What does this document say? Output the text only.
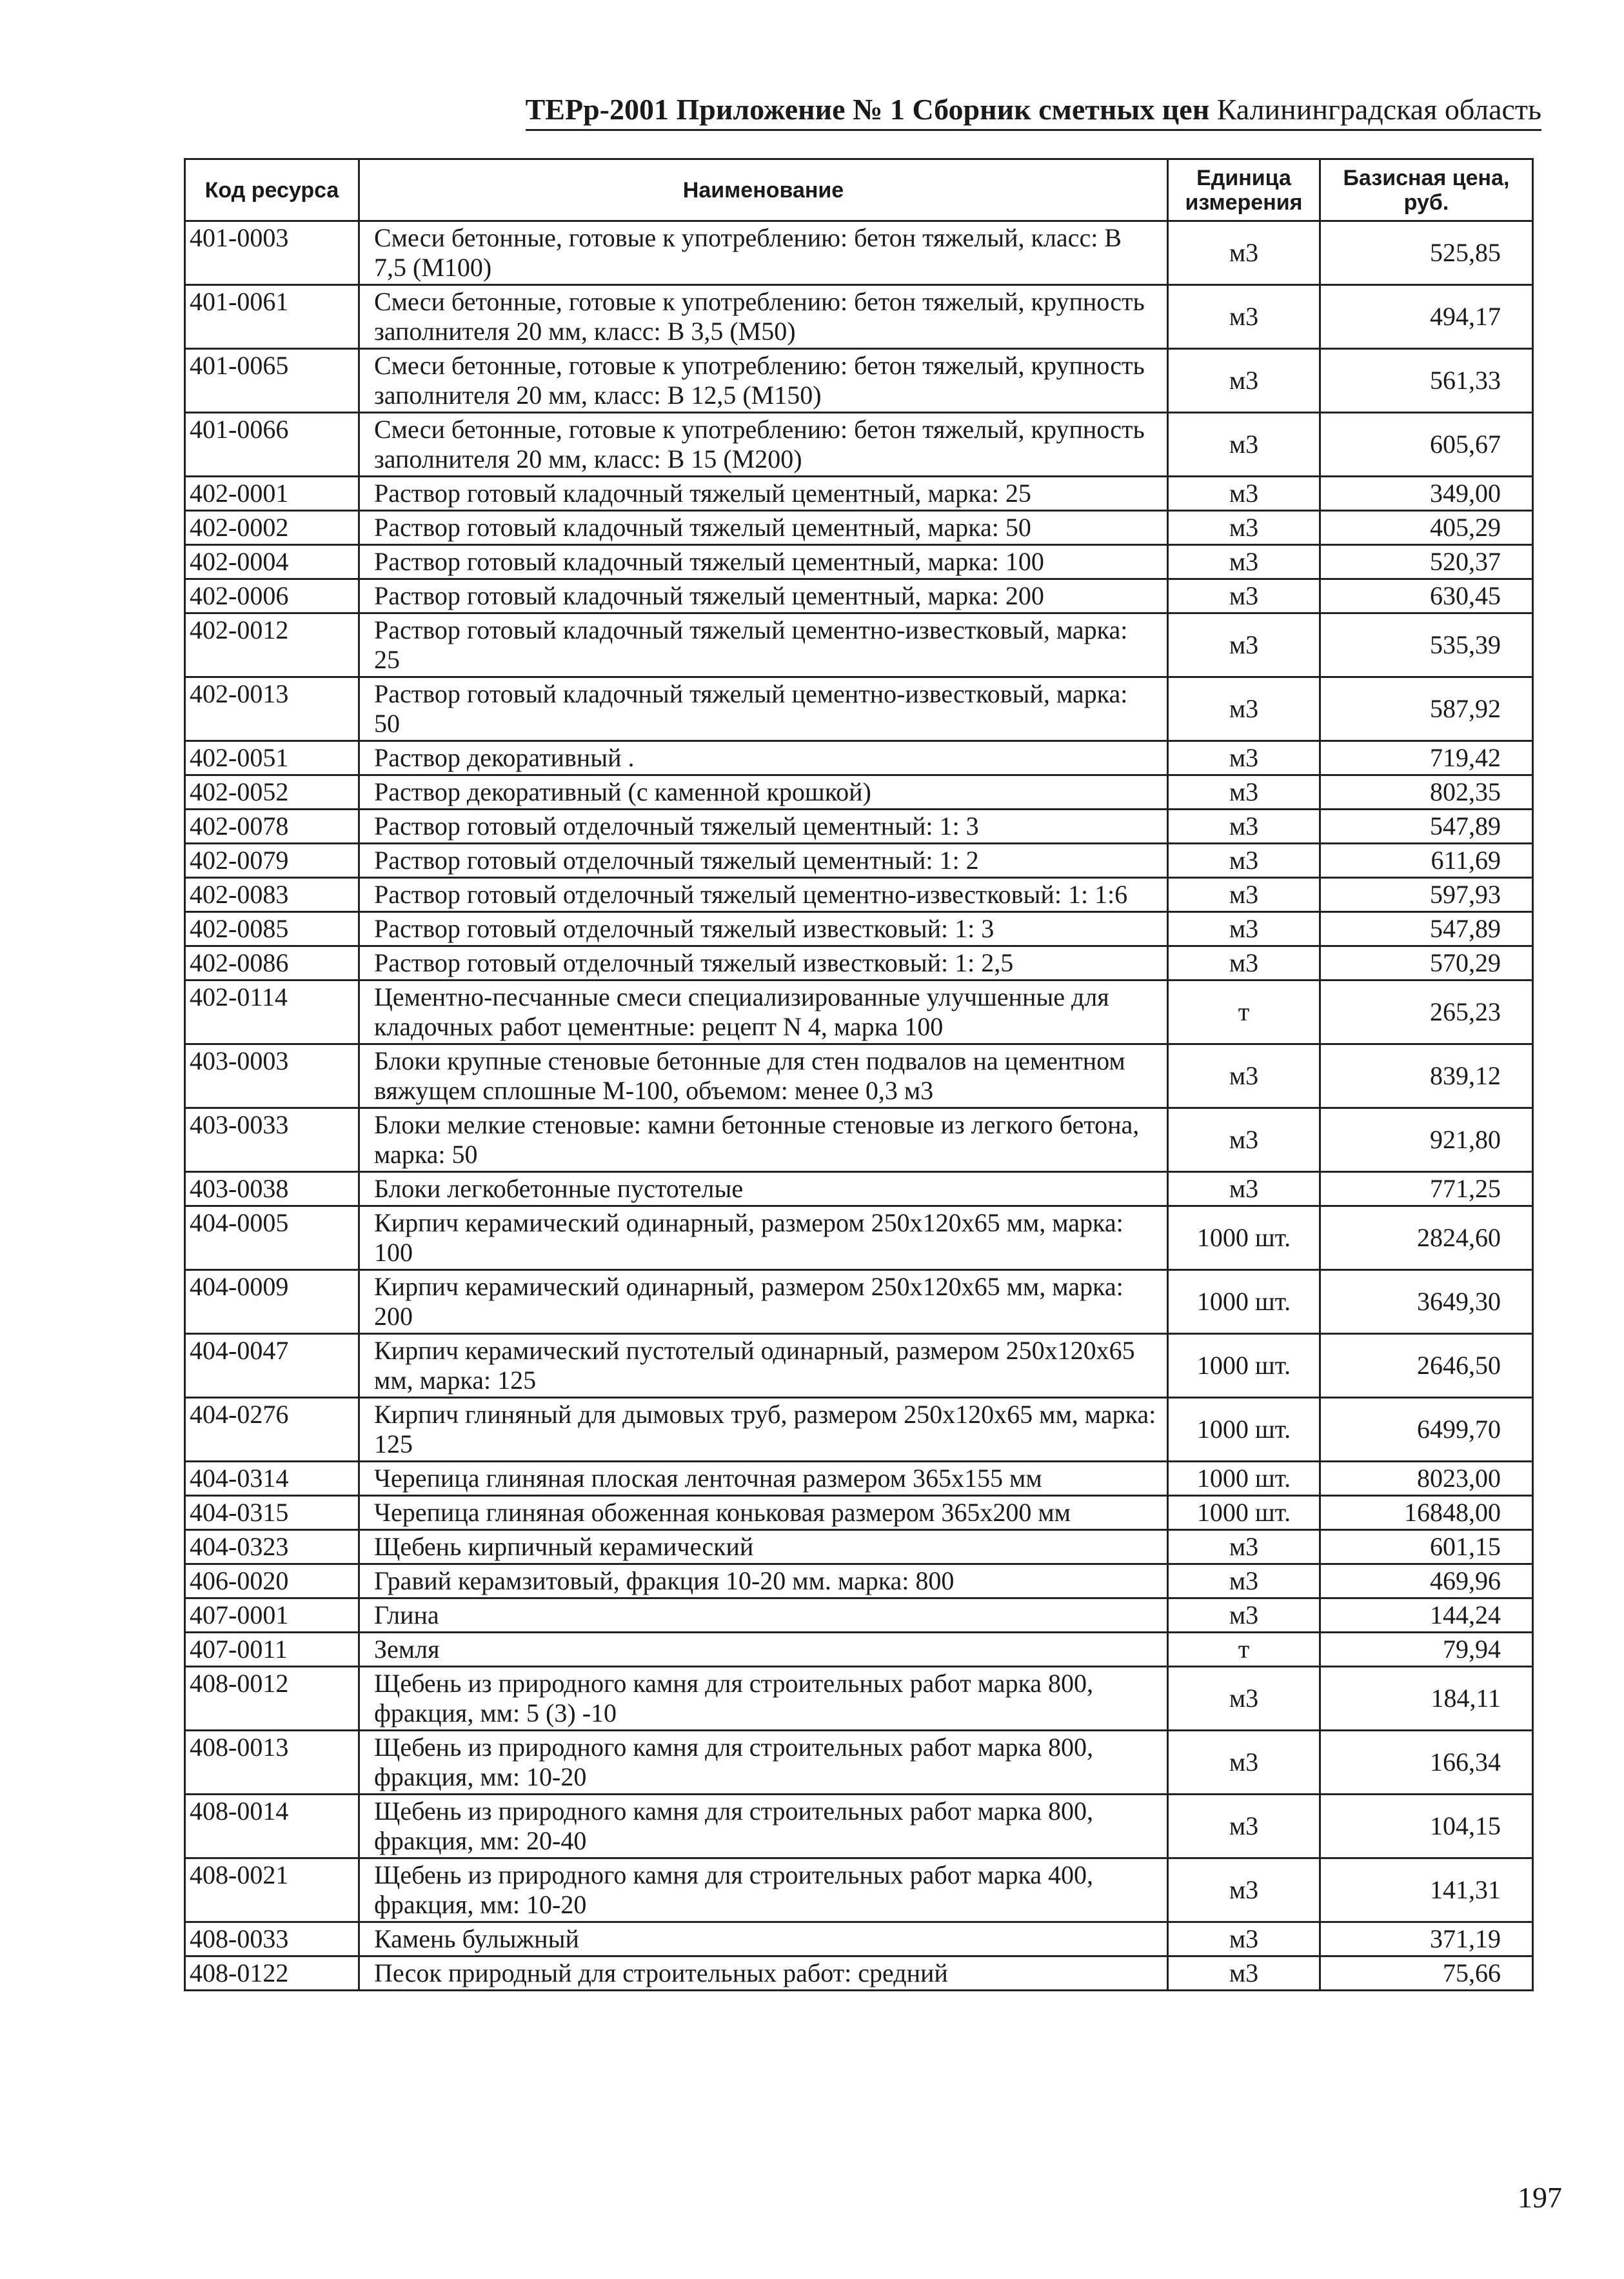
ТЕРр-2001 Приложение № 1 Сборник сметных цен Калининградская область
Код ресурса	Наименование	Единица измерения	Базисная цена, руб.
401-0003	Смеси бетонные, готовые к употреблению: бетон тяжелый, класс: В 7,5 (М100)	м3	525,85
401-0061	Смеси бетонные, готовые к употреблению: бетон тяжелый, крупность заполнителя 20 мм, класс: В 3,5 (М50)	м3	494,17
401-0065	Смеси бетонные, готовые к употреблению: бетон тяжелый, крупность заполнителя 20 мм, класс: В 12,5 (М150)	м3	561,33
401-0066	Смеси бетонные, готовые к употреблению: бетон тяжелый, крупность заполнителя 20 мм, класс: В 15 (М200)	м3	605,67
402-0001	Раствор готовый кладочный тяжелый цементный, марка: 25	м3	349,00
402-0002	Раствор готовый кладочный тяжелый цементный, марка: 50	м3	405,29
402-0004	Раствор готовый кладочный тяжелый цементный, марка: 100	м3	520,37
402-0006	Раствор готовый кладочный тяжелый цементный, марка: 200	м3	630,45
402-0012	Раствор готовый кладочный тяжелый цементно-известковый, марка: 25	м3	535,39
402-0013	Раствор готовый кладочный тяжелый цементно-известковый, марка: 50	м3	587,92
402-0051	Раствор декоративный .	м3	719,42
402-0052	Раствор декоративный (с каменной крошкой)	м3	802,35
402-0078	Раствор готовый отделочный тяжелый цементный: 1: 3	м3	547,89
402-0079	Раствор готовый отделочный тяжелый цементный: 1: 2	м3	611,69
402-0083	Раствор готовый отделочный тяжелый цементно-известковый: 1: 1:6	м3	597,93
402-0085	Раствор готовый отделочный тяжелый известковый: 1: 3	м3	547,89
402-0086	Раствор готовый отделочный тяжелый известковый: 1: 2,5	м3	570,29
402-0114	Цементно-песчанные смеси специализированные улучшенные для кладочных работ цементные: рецепт N 4, марка 100	т	265,23
403-0003	Блоки крупные стеновые бетонные для стен подвалов на цементном вяжущем сплошные М-100, объемом: менее 0,3 м3	м3	839,12
403-0033	Блоки мелкие стеновые: камни бетонные стеновые из легкого бетона, марка: 50	м3	921,80
403-0038	Блоки легкобетонные пустотелые	м3	771,25
404-0005	Кирпич керамический одинарный, размером 250х120х65 мм, марка: 100	1000 шт.	2824,60
404-0009	Кирпич керамический одинарный, размером 250х120х65 мм, марка: 200	1000 шт.	3649,30
404-0047	Кирпич керамический пустотелый одинарный, размером 250х120х65 мм, марка: 125	1000 шт.	2646,50
404-0276	Кирпич глиняный для дымовых труб, размером 250х120х65 мм, марка: 125	1000 шт.	6499,70
404-0314	Черепица глиняная плоская ленточная размером 365х155 мм	1000 шт.	8023,00
404-0315	Черепица глиняная обоженная коньковая размером 365х200 мм	1000 шт.	16848,00
404-0323	Щебень кирпичный керамический	м3	601,15
406-0020	Гравий керамзитовый, фракция 10-20 мм. марка: 800	м3	469,96
407-0001	Глина	м3	144,24
407-0011	Земля	т	79,94
408-0012	Щебень из природного камня для строительных работ марка 800, фракция, мм: 5 (3) -10	м3	184,11
408-0013	Щебень из природного камня для строительных работ марка 800, фракция, мм: 10-20	м3	166,34
408-0014	Щебень из природного камня для строительных работ марка 800, фракция, мм: 20-40	м3	104,15
408-0021	Щебень из природного камня для строительных работ марка 400, фракция, мм: 10-20	м3	141,31
408-0033	Камень булыжный	м3	371,19
408-0122	Песок природный для строительных работ: средний	м3	75,66
197
